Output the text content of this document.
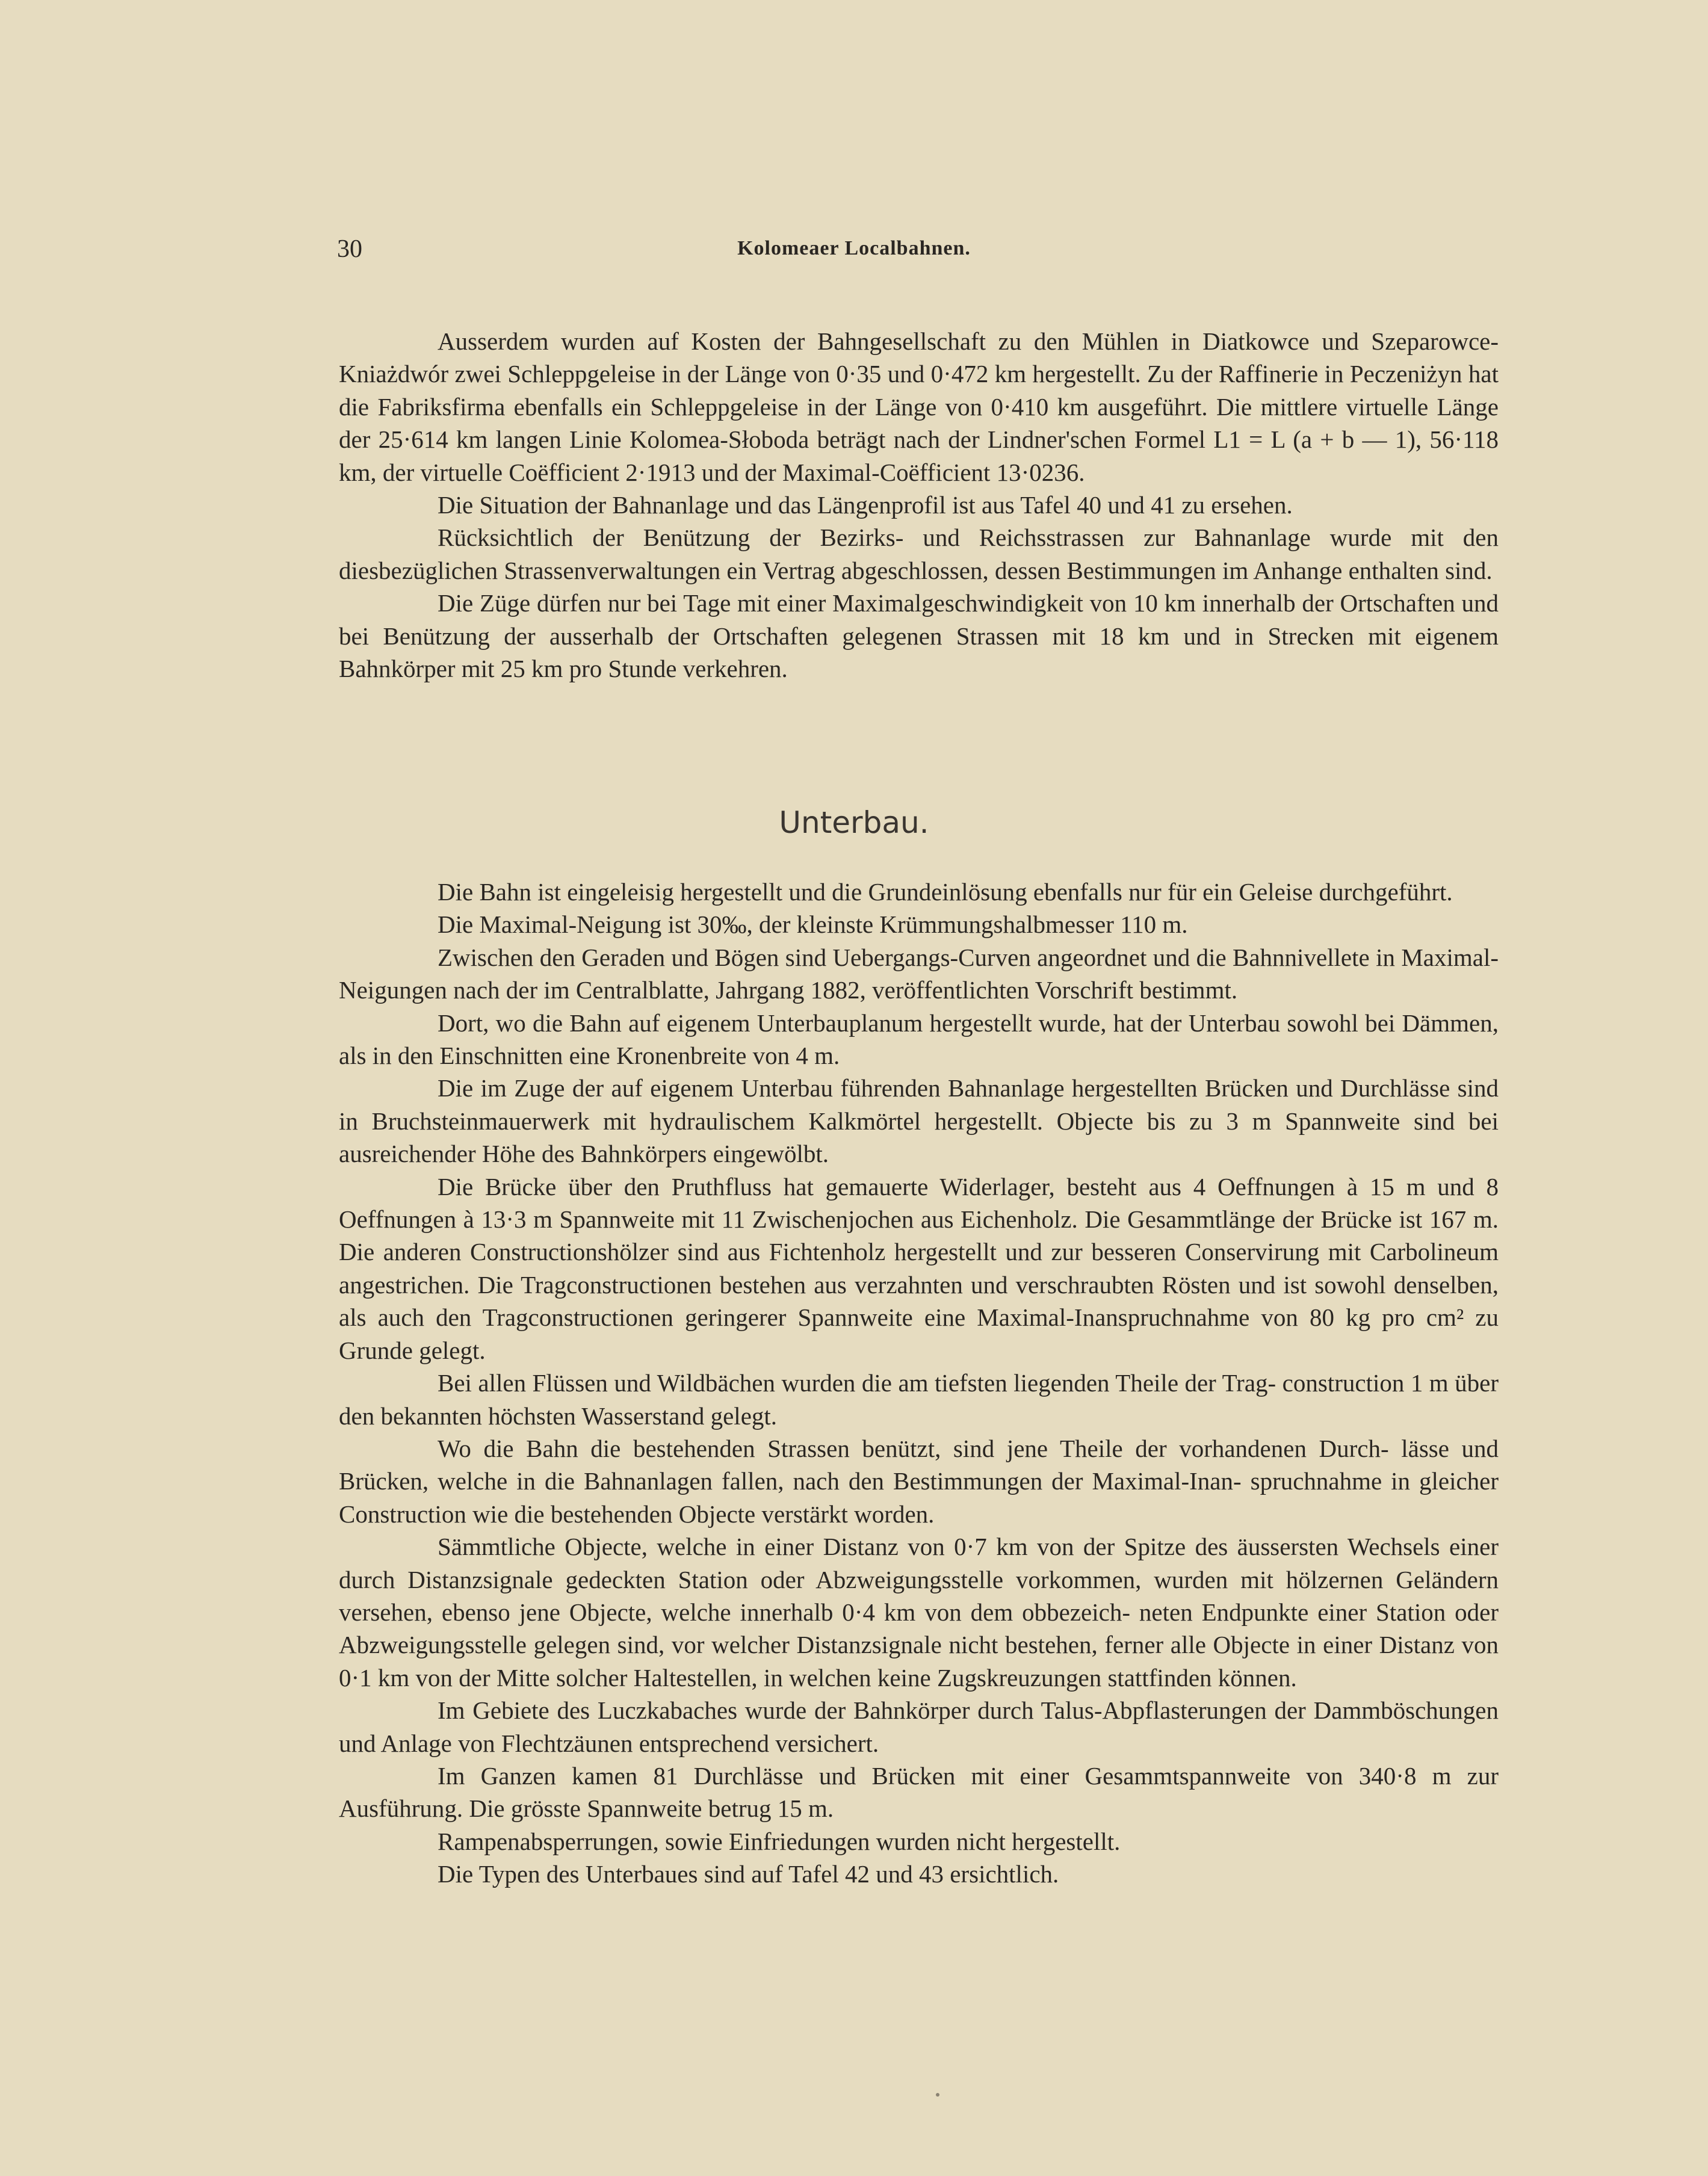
30	Kolomeaer Localbahnen.

Ausserdem wurden auf Kosten der Bahngesellschaft zu den Mühlen in Diatkowce und Szeparowce-Kniażdwór zwei Schleppgeleise in der Länge von 0·35 und 0·472 km hergestellt. Zu der Raffinerie in Peczeniżyn hat die Fabriksfirma ebenfalls ein Schleppgeleise in der Länge von 0·410 km ausgeführt. Die mittlere virtuelle Länge der 25·614 km langen Linie Kolomea-Słoboda beträgt nach der Lindner'schen Formel L1 = L (a + b — 1), 56·118 km, der virtuelle Coëfficient 2·1913 und der Maximal-Coëfficient 13·0236.

Die Situation der Bahnanlage und das Längenprofil ist aus Tafel 40 und 41 zu ersehen.

Rücksichtlich der Benützung der Bezirks- und Reichsstrassen zur Bahnanlage wurde mit den diesbezüglichen Strassenverwaltungen ein Vertrag abgeschlossen, dessen Bestimmungen im Anhange enthalten sind.

Die Züge dürfen nur bei Tage mit einer Maximalgeschwindigkeit von 10 km innerhalb der Ortschaften und bei Benützung der ausserhalb der Ortschaften gelegenen Strassen mit 18 km und in Strecken mit eigenem Bahnkörper mit 25 km pro Stunde verkehren.

Unterbau.

Die Bahn ist eingeleisig hergestellt und die Grundeinlösung ebenfalls nur für ein Geleise durchgeführt.

Die Maximal-Neigung ist 30‰, der kleinste Krümmungshalbmesser 110 m.

Zwischen den Geraden und Bögen sind Uebergangs-Curven angeordnet und die Bahnnivellete in Maximal-Neigungen nach der im Centralblatte, Jahrgang 1882, veröffentlichten Vorschrift bestimmt.

Dort, wo die Bahn auf eigenem Unterbauplanum hergestellt wurde, hat der Unterbau sowohl bei Dämmen, als in den Einschnitten eine Kronenbreite von 4 m.

Die im Zuge der auf eigenem Unterbau führenden Bahnanlage hergestellten Brücken und Durchlässe sind in Bruchsteinmauerwerk mit hydraulischem Kalkmörtel hergestellt. Objecte bis zu 3 m Spannweite sind bei ausreichender Höhe des Bahnkörpers eingewölbt.

Die Brücke über den Pruthfluss hat gemauerte Widerlager, besteht aus 4 Oeffnungen à 15 m und 8 Oeffnungen à 13·3 m Spannweite mit 11 Zwischenjochen aus Eichenholz. Die Gesammtlänge der Brücke ist 167 m. Die anderen Constructionshölzer sind aus Fichtenholz hergestellt und zur besseren Conservirung mit Carbolineum angestrichen. Die Tragconstructionen bestehen aus verzahnten und verschraubten Rösten und ist sowohl denselben, als auch den Tragconstructionen geringerer Spannweite eine Maximal-Inanspruchnahme von 80 kg pro cm² zu Grunde gelegt.

Bei allen Flüssen und Wildbächen wurden die am tiefsten liegenden Theile der Trag- construction 1 m über den bekannten höchsten Wasserstand gelegt.

Wo die Bahn die bestehenden Strassen benützt, sind jene Theile der vorhandenen Durch- lässe und Brücken, welche in die Bahnanlagen fallen, nach den Bestimmungen der Maximal-Inan- spruchnahme in gleicher Construction wie die bestehenden Objecte verstärkt worden.

Sämmtliche Objecte, welche in einer Distanz von 0·7 km von der Spitze des äussersten Wechsels einer durch Distanzsignale gedeckten Station oder Abzweigungsstelle vorkommen, wurden mit hölzernen Geländern versehen, ebenso jene Objecte, welche innerhalb 0·4 km von dem obbezeich- neten Endpunkte einer Station oder Abzweigungsstelle gelegen sind, vor welcher Distanzsignale nicht bestehen, ferner alle Objecte in einer Distanz von 0·1 km von der Mitte solcher Haltestellen, in welchen keine Zugskreuzungen stattfinden können.

Im Gebiete des Luczkabaches wurde der Bahnkörper durch Talus-Abpflasterungen der Dammböschungen und Anlage von Flechtzäunen entsprechend versichert.

Im Ganzen kamen 81 Durchlässe und Brücken mit einer Gesammtspannweite von 340·8 m zur Ausführung. Die grösste Spannweite betrug 15 m.

Rampenabsperrungen, sowie Einfriedungen wurden nicht hergestellt.

Die Typen des Unterbaues sind auf Tafel 42 und 43 ersichtlich.
